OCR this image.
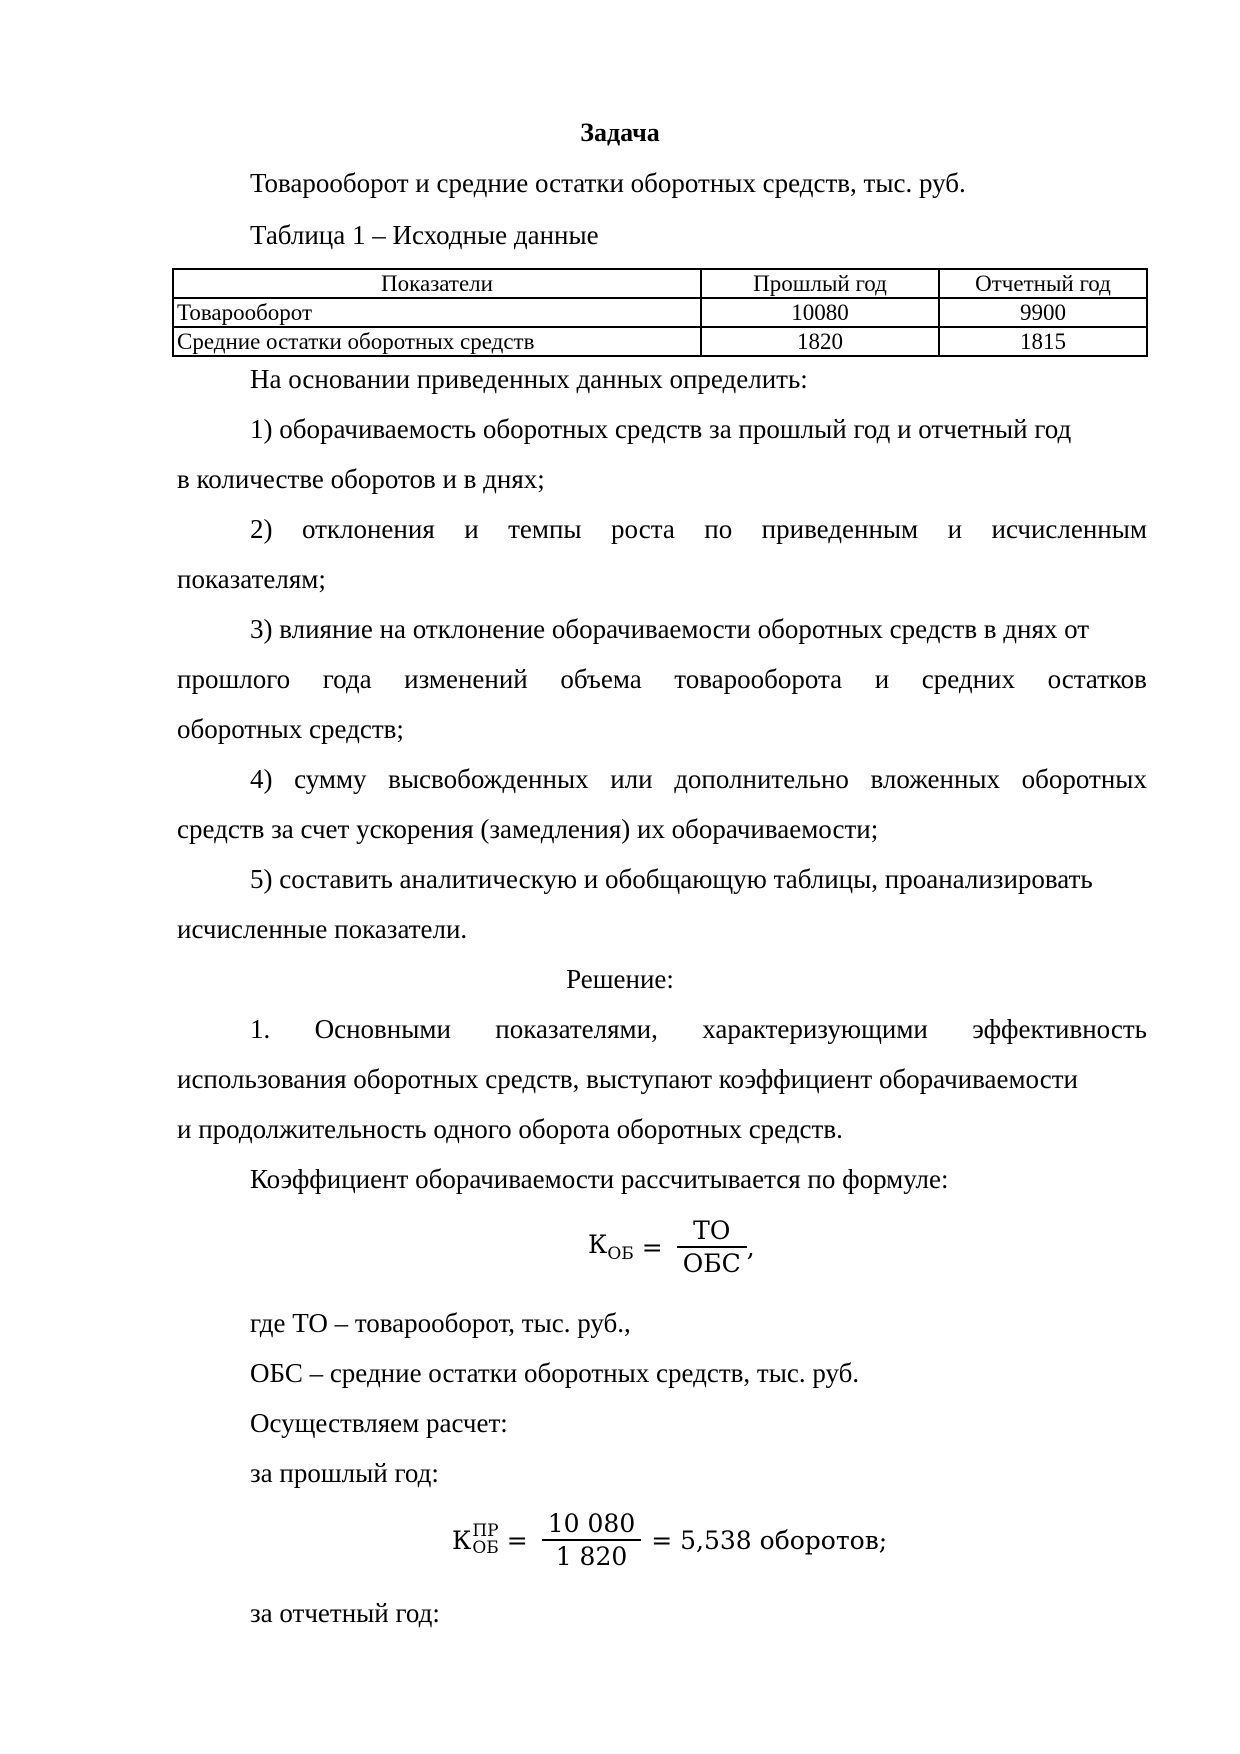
Задача
Товарооборот и средние остатки оборотных средств, тыс. руб.
Таблица 1 – Исходные данные
Показатели	Прошлый год	Отчетный год
Товарооборот	10080	9900
Средние остатки оборотных средств	1820	1815
На основании приведенных данных определить:
1) оборачиваемость оборотных средств за прошлый год и отчетный год
в количестве оборотов и в днях;
2) отклонения и темпы роста по приведенным и исчисленным
показателям;
3) влияние на отклонение оборачиваемости оборотных средств в днях от
прошлого года изменений объема товарооборота и средних остатков
оборотных средств;
4) сумму высвобожденных или дополнительно вложенных оборотных
средств за счет ускорения (замедления) их оборачиваемости;
5) составить аналитическую и обобщающую таблицы, проанализировать
исчисленные показатели.
Решение:
1. Основными показателями, характеризующими эффективность
использования оборотных средств, выступают коэффициент оборачиваемости
и продолжительность одного оборота оборотных средств.
Коэффициент оборачиваемости рассчитывается по формуле:
$К_{ОБ} = \frac{ТО}{\text{ОБС}}$ ,
где ТО – товарооборот, тыс. руб.,
ОБС – средние остатки оборотных средств, тыс. руб.
Осуществляем расчет:
за прошлый год:
К ПР
ОБ = $\frac{10 080}{1 820} = 5,538$ оборотов;
за отчетный год:
